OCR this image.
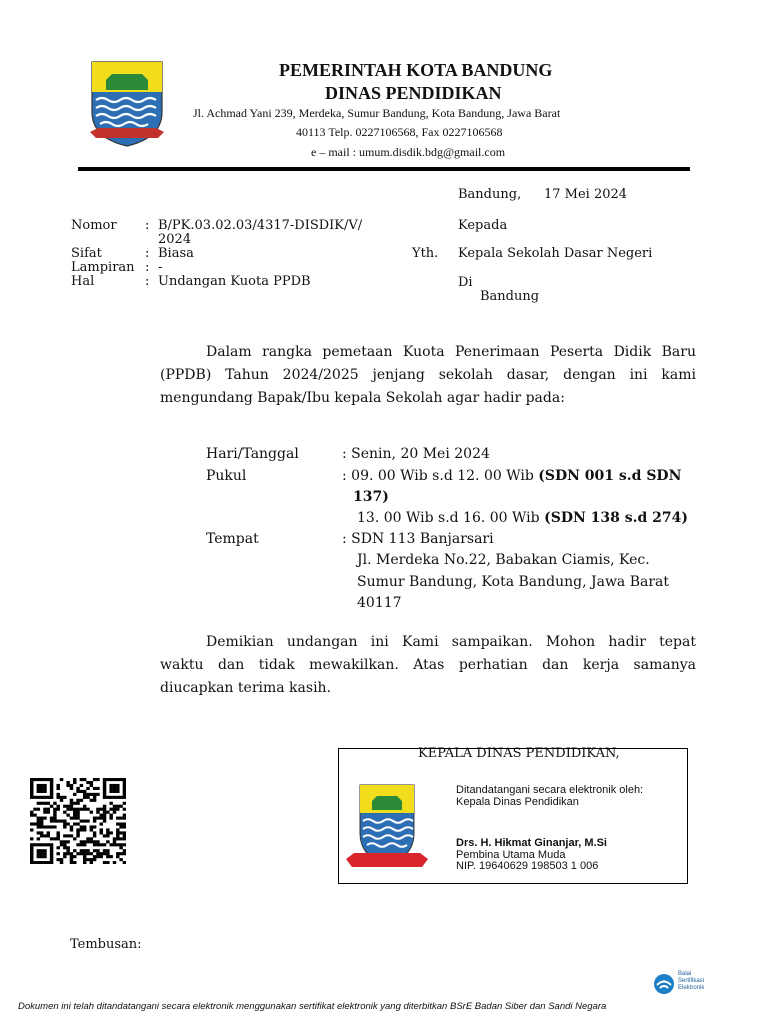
PEMERINTAH KOTA BANDUNG
DINAS PENDIDIKAN
Jl. Achmad Yani 239, Merdeka, Sumur Bandung, Kota Bandung, Jawa Barat
40113 Telp. 0227106568, Fax 0227106568
e – mail : umum.disdik.bdg@gmail.com
Bandung, 17 Mei 2024
Nomor : B/PK.03.02.03/4317-DISDIK/V/
2024
Sifat	: Biasa
Lampiran : -
Hal	: Undangan Kuota PPDB
Kepada
Yth. Kepala Sekolah Dasar Negeri
Di
Bandung
Dalam rangka pemetaan Kuota Penerimaan Peserta Didik Baru
(PPDB) Tahun 2024/2025 jenjang sekolah dasar, dengan ini kami
mengundang Bapak/Ibu kepala Sekolah agar hadir pada:
Hari/Tanggal	: Senin, 20 Mei 2024
Pukul	: 09. 00 Wib s.d 12. 00 Wib (SDN 001 s.d SDN
137)
13. 00 Wib s.d 16. 00 Wib (SDN 138 s.d 274)
Tempat	: SDN 113 Banjarsari
Jl. Merdeka No.22, Babakan Ciamis, Kec.
Sumur Bandung, Kota Bandung, Jawa Barat
40117
Demikian undangan ini Kami sampaikan. Mohon hadir tepat
waktu dan tidak mewakilkan. Atas perhatian dan kerja samanya
diucapkan terima kasih.
KEPALA DINAS PENDIDIKAN,
Ditandatangani secara elektronik oleh:
Kepala Dinas Pendidikan
Drs. H. Hikmat Ginanjar, M.Si
Pembina Utama Muda
NIP. 19640629 198503 1 006
Tembusan:
Balai
Sertifikasi
Elektronik
Dokumen ini telah ditandatangani secara elektronik menggunakan sertifikat elektronik yang diterbitkan BSrE Badan Siber dan Sandi Negara
